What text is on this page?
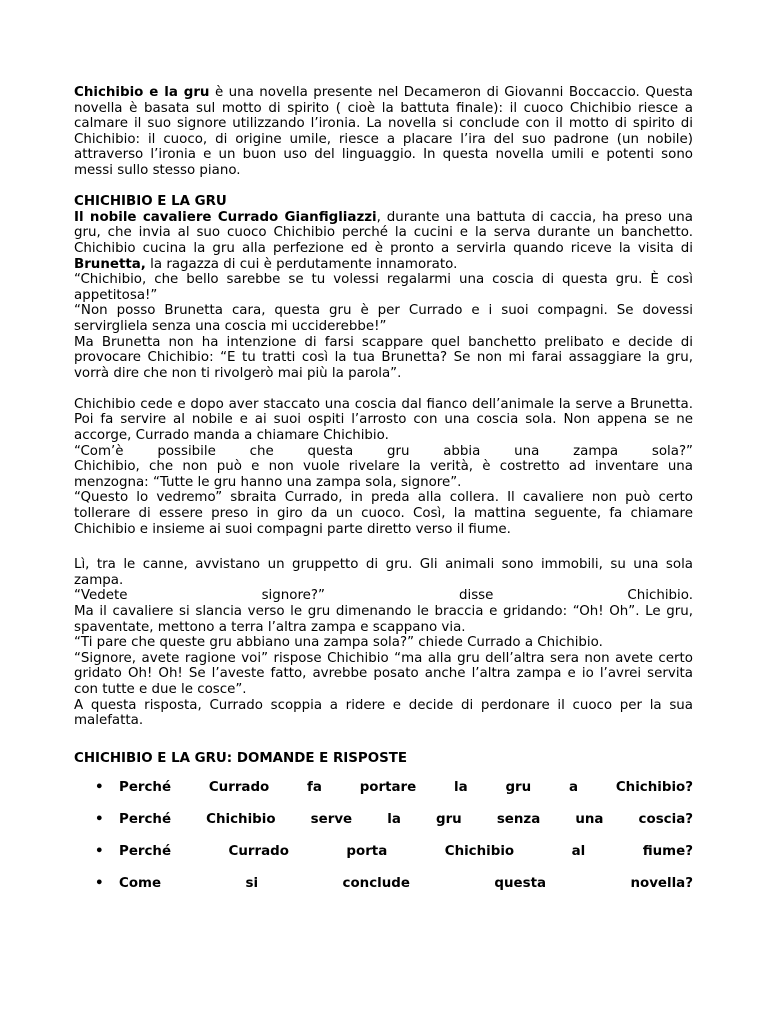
Chichibio e la gru è una novella presente nel Decameron di Giovanni Boccaccio. Questa novella è basata sul motto di spirito ( cioè la battuta finale): il cuoco Chichibio riesce a calmare il suo signore utilizzando l’ironia. La novella si conclude con il motto di spirito di Chichibio: il cuoco, di origine umile, riesce a placare l’ira del suo padrone (un nobile) attraverso l’ironia e un buon uso del linguaggio. In questa novella umili e potenti sono messi sullo stesso piano.

CHICHIBIO E LA GRU

Il nobile cavaliere Currado Gianfigliazzi, durante una battuta di caccia, ha preso una gru, che invia al suo cuoco Chichibio perché la cucini e la serva durante un banchetto. Chichibio cucina la gru alla perfezione ed è pronto a servirla quando riceve la visita di Brunetta, la ragazza di cui è perdutamente innamorato.

“Chichibio, che bello sarebbe se tu volessi regalarmi una coscia di questa gru. È così appetitosa!”

“Non posso Brunetta cara, questa gru è per Currado e i suoi compagni. Se dovessi servirgliela senza una coscia mi ucciderebbe!”

Ma Brunetta non ha intenzione di farsi scappare quel banchetto prelibato e decide di provocare Chichibio: “E tu tratti così la tua Brunetta? Se non mi farai assaggiare la gru, vorrà dire che non ti rivolgerò mai più la parola”.

Chichibio cede e dopo aver staccato una coscia dal fianco dell’animale la serve a Brunetta. Poi fa servire al nobile e ai suoi ospiti l’arrosto con una coscia sola. Non appena se ne accorge, Currado manda a chiamare Chichibio.

“Com’è possibile che questa gru abbia una zampa sola?”

Chichibio, che non può e non vuole rivelare la verità, è costretto ad inventare una menzogna: “Tutte le gru hanno una zampa sola, signore”.

“Questo lo vedremo” sbraita Currado, in preda alla collera. Il cavaliere non può certo tollerare di essere preso in giro da un cuoco. Così, la mattina seguente, fa chiamare Chichibio e insieme ai suoi compagni parte diretto verso il fiume.

Lì, tra le canne, avvistano un gruppetto di gru. Gli animali sono immobili, su una sola zampa.

“Vedete signore?” disse Chichibio.

Ma il cavaliere si slancia verso le gru dimenando le braccia e gridando: “Oh! Oh”. Le gru, spaventate, mettono a terra l’altra zampa e scappano via.

“Ti pare che queste gru abbiano una zampa sola?” chiede Currado a Chichibio.

“Signore, avete ragione voi” rispose Chichibio “ma alla gru dell’altra sera non avete certo gridato Oh! Oh! Se l’aveste fatto, avrebbe posato anche l’altra zampa e io l’avrei servita con tutte e due le cosce”.

A questa risposta, Currado scoppia a ridere e decide di perdonare il cuoco per la sua malefatta.

CHICHIBIO E LA GRU: DOMANDE E RISPOSTE

• Perché Currado fa portare la gru a Chichibio?
• Perché Chichibio serve la gru senza una coscia?
• Perché Currado porta Chichibio al fiume?
• Come si conclude questa novella?
